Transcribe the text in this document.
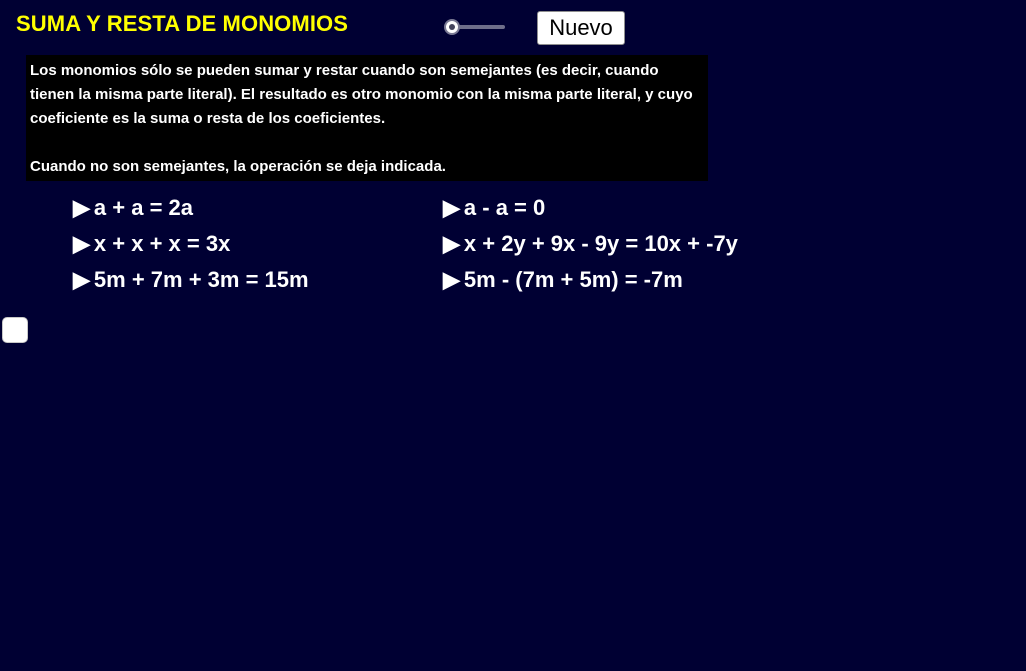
SUMA Y RESTA DE MONOMIOS	Nuevo

Los monomios sólo se pueden sumar y restar cuando son semejantes (es decir, cuando tienen la misma parte literal). El resultado es otro monomio con la misma parte literal, y cuyo coeficiente es la suma o resta de los coeficientes.

Cuando no son semejantes, la operación se deja indicada.

▶ a + a = 2a
▶ x + x + x = 3x
▶ 5m + 7m + 3m = 15m
▶ a - a = 0
▶ x + 2y + 9x - 9y = 10x + -7y
▶ 5m - (7m + 5m) = -7m
